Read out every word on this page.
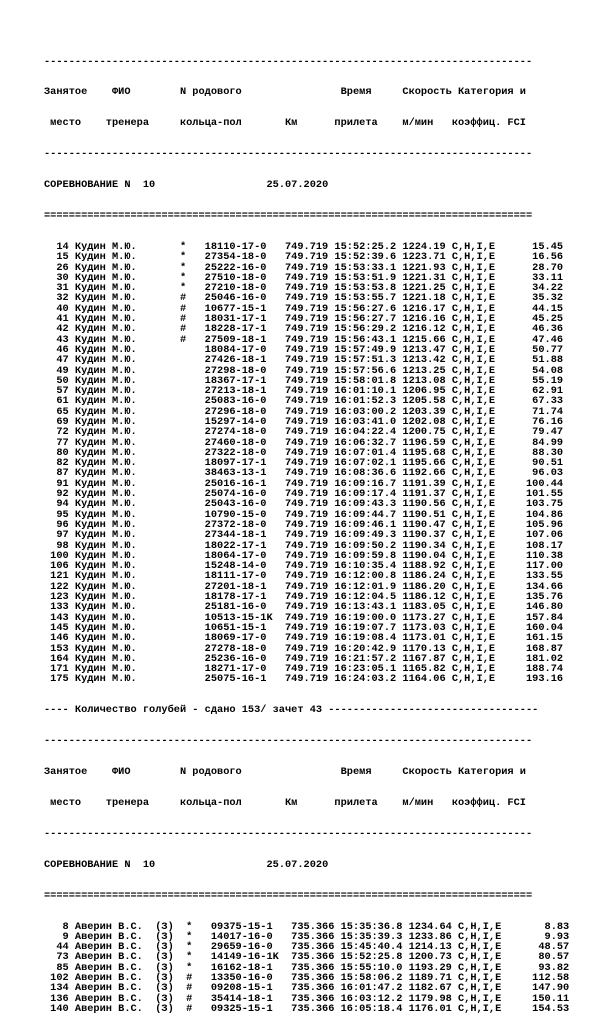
-------------------------------------------------------------------------------

Занятое    ФИО        N родового                Время     Скорость Категория и

место    тренера     кольца-пол       Км      прилета    м/мин   коэффиц. FCI

-------------------------------------------------------------------------------

СОРЕВНОВАНИЕ N  10	25.07.2020

===============================================================================

14 Кудин М.Ю.       *   18110-17-0   749.719 15:52:25.2 1224.19 C,H,I,E      15.45
15 Кудин М.Ю.       *   27354-18-0   749.719 15:52:39.6 1223.71 C,H,I,E      16.56
26 Кудин М.Ю.       *   25222-16-0   749.719 15:53:33.1 1221.93 C,H,I,E      28.70
30 Кудин М.Ю.       *   27510-18-0   749.719 15:53:51.9 1221.31 C,H,I,E      33.11
31 Кудин М.Ю.       *   27210-18-0   749.719 15:53:53.8 1221.25 C,H,I,E      34.22
32 Кудин М.Ю.       #   25046-16-0   749.719 15:53:55.7 1221.18 C,H,I,E      35.32
40 Кудин М.Ю.       #   10677-15-1   749.719 15:56:27.6 1216.17 C,H,I,E      44.15
41 Кудин М.Ю.       #   18031-17-1   749.719 15:56:27.7 1216.16 C,H,I,E      45.25
42 Кудин М.Ю.       #   18228-17-1   749.719 15:56:29.2 1216.12 C,H,I,E      46.36
43 Кудин М.Ю.       #   27509-18-1   749.719 15:56:43.1 1215.66 C,H,I,E      47.46
46 Кудин М.Ю.           18084-17-0   749.719 15:57:49.9 1213.47 C,H,I,E      50.77
47 Кудин М.Ю.           27426-18-1   749.719 15:57:51.3 1213.42 C,H,I,E      51.88
49 Кудин М.Ю.           27298-18-0   749.719 15:57:56.6 1213.25 C,H,I,E      54.08
50 Кудин М.Ю.           18367-17-1   749.719 15:58:01.8 1213.08 C,H,I,E      55.19
57 Кудин М.Ю.           27213-18-1   749.719 16:01:10.1 1206.95 C,H,I,E      62.91
61 Кудин М.Ю.           25083-16-0   749.719 16:01:52.3 1205.58 C,H,I,E      67.33
65 Кудин М.Ю.           27296-18-0   749.719 16:03:00.2 1203.39 C,H,I,E      71.74
69 Кудин М.Ю.           15297-14-0   749.719 16:03:41.0 1202.08 C,H,I,E      76.16
72 Кудин М.Ю.           27274-18-0   749.719 16:04:22.4 1200.75 C,H,I,E      79.47
77 Кудин М.Ю.           27460-18-0   749.719 16:06:32.7 1196.59 C,H,I,E      84.99
80 Кудин М.Ю.           27322-18-0   749.719 16:07:01.4 1195.68 C,H,I,E      88.30
82 Кудин М.Ю.           18097-17-1   749.719 16:07:02.1 1195.66 C,H,I,E      90.51
87 Кудин М.Ю.           38463-13-1   749.719 16:08:36.6 1192.66 C,H,I,E      96.03
91 Кудин М.Ю.           25016-16-1   749.719 16:09:16.7 1191.39 C,H,I,E     100.44
92 Кудин М.Ю.           25074-16-0   749.719 16:09:17.4 1191.37 C,H,I,E     101.55
94 Кудин М.Ю.           25043-16-0   749.719 16:09:43.3 1190.56 C,H,I,E     103.75
95 Кудин М.Ю.           10790-15-0   749.719 16:09:44.7 1190.51 C,H,I,E     104.86
96 Кудин М.Ю.           27372-18-0   749.719 16:09:46.1 1190.47 C,H,I,E     105.96
97 Кудин М.Ю.           27344-18-1   749.719 16:09:49.3 1190.37 C,H,I,E     107.06
98 Кудин М.Ю.           18022-17-1   749.719 16:09:50.2 1190.34 C,H,I,E     108.17
100 Кудин М.Ю.           18064-17-0   749.719 16:09:59.8 1190.04 C,H,I,E     110.38
106 Кудин М.Ю.           15248-14-0   749.719 16:10:35.4 1188.92 C,H,I,E     117.00
121 Кудин М.Ю.           18111-17-0   749.719 16:12:00.8 1186.24 C,H,I,E     133.55
122 Кудин М.Ю.           27201-18-1   749.719 16:12:01.9 1186.20 C,H,I,E     134.66
123 Кудин М.Ю.           18178-17-1   749.719 16:12:04.5 1186.12 C,H,I,E     135.76
133 Кудин М.Ю.           25181-16-0   749.719 16:13:43.1 1183.05 C,H,I,E     146.80
143 Кудин М.Ю.           10513-15-1K  749.719 16:19:00.0 1173.27 C,H,I,E     157.84
145 Кудин М.Ю.           10651-15-1   749.719 16:19:07.7 1173.03 C,H,I,E     160.04
146 Кудин М.Ю.           18069-17-0   749.719 16:19:08.4 1173.01 C,H,I,E     161.15
153 Кудин М.Ю.           27278-18-0   749.719 16:20:42.9 1170.13 C,H,I,E     168.87
164 Кудин М.Ю.           25236-16-0   749.719 16:21:57.2 1167.87 C,H,I,E     181.02
171 Кудин М.Ю.           18271-17-0   749.719 16:23:05.1 1165.82 C,H,I,E     188.74
175 Кудин М.Ю.           25075-16-1   749.719 16:24:03.2 1164.06 C,H,I,E     193.16

---- Количество голубей - сдано 153/ зачет 43 ----------------------------------

-------------------------------------------------------------------------------

Занятое    ФИО        N родового                Время     Скорость Категория и

место    тренера     кольца-пол       Км      прилета    м/мин   коэффиц. FCI

-------------------------------------------------------------------------------

СОРЕВНОВАНИЕ N  10	25.07.2020

===============================================================================

8 Аверин В.С.  (З)  *   09375-15-1   735.366 15:35:36.8 1234.64 C,H,I,E       8.83
9 Аверин В.С.  (З)  *   14017-16-0   735.366 15:35:39.3 1233.86 C,H,I,E       9.93
44 Аверин В.С.  (З)  *   29659-16-0   735.366 15:45:40.4 1214.13 C,H,I,E      48.57
73 Аверин В.С.  (З)  *   14149-16-1K  735.366 15:52:25.8 1200.73 C,H,I,E      80.57
85 Аверин В.С.  (З)  *   16162-18-1   735.366 15:55:10.0 1193.29 C,H,I,E      93.82
102 Аверин В.С.  (З)  #   13350-16-0   735.366 15:58:06.2 1189.71 C,H,I,E     112.58
134 Аверин В.С.  (З)  #   09208-15-1   735.366 16:01:47.2 1182.67 C,H,I,E     147.90
136 Аверин В.С.  (З)  #   35414-18-1   735.366 16:03:12.2 1179.98 C,H,I,E     150.11
140 Аверин В.С.  (З)  #   09325-15-1   735.366 16:05:18.4 1176.01 C,H,I,E     154.53
